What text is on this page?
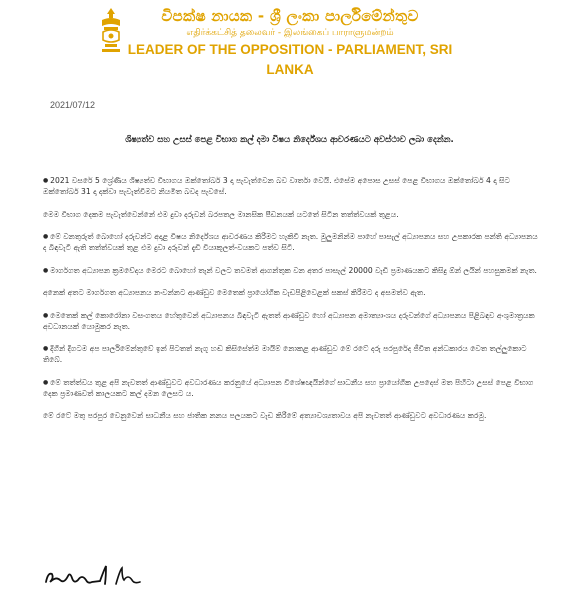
විපක්ෂ නායක - ශ්‍රී ලංකා පාර්ලිමේන්තුව
எதிர்க்கட்சித் தலைவர் - இலங்கைப் பாராளுமன்றம்
LEADER OF THE OPPOSITION - PARLIAMENT, SRI LANKA
2021/07/12
ශිෂ්‍යත්ව සහ උසස් පෙළ විභාග කල් දමා විෂය නිර්දේශය ආවරණයට අවස්ථාව ලබා දෙන්න.

● 2021 වසරේ 5 ශ්‍රේණිය ශිෂ්‍යත්ව විභාගය ඔක්තෝබර් 3 දා පැවැත්වෙන බව වාර්තා වෙයි. එසේම අපොස උසස් පෙළ විභාගය ඔක්තෝබර් 4 දා සිට ඔක්තෝබර් 31 දා දක්වා පැවැත්වීමට නියමිත බවද පැවසේ.

මෙම විභාග දෙකම පැවැත්වෙන්නේ එම දුවා දරුවන් බරපතල මානසික පීඩනයක් යටතේ සිටින තත්ත්වයක් තුළය.

● මේ වනතුරුත් බොහෝ දරුවන්ට අදාළ විෂය නිර්දේශය ආවරණය කිරීමට හැකිවී නැත. මුලුමනින්ම පාහේ පාසැල් අධ්‍යාපනය සහ උපකාරක පන්ති අධ්‍යාපනය ද බිඳවැටී ඇති තත්ත්වයක් තුළ එම දුවා දරුවන් දැඩි වියාකූලත්-වයකට පත්ව සිටී.

● මාර්ගගත අධ්‍යාපන ක්‍රමවේදය මෙරට බොහෝ තැන් වලට තවමත් ආගන්තුක වන අතර පාසැල් 20000 වැඩි ප්‍රමාණයකට කිසිදු ඕන් ලයින් පහසුකමක් නැත.

අනෙක් අතට මාර්ගගත අධ්‍යාපනය නංවන්නට ආණ්ඩුව මෙතෙක් ප්‍රායෝගික වැඩපිළිවෙළක් සකස් කිරීමට ද අසමත්ව ඇත.

● මෙතෙක් කල් කොරෝනා වසංගතය හේතුවෙන් අධ්‍යාපනය බිඳවැටී ඇතත් ආණ්ඩුව හෝ අධ්‍යාපන අමාත්‍යාංශය දරුවන්ගේ අධ්‍යාපනය පිළිබඳව අංශුමාත්‍රයක අවධානයක් යොමුකර නැත.

● දිගින් දිගටම අප පාර්ලිමේන්තුවේ ඉන් පිටතත් නැගූ හඬ කිසිසේත්ම මායිම් නොකළ ආණ්ඩුව මේ රටේ දරු පරපුරේද ජීවිත අන්ධකාරය වෙත තල්ලුකොට තිබේ.

● මේ තත්ත්වය තුළ අපි නැවතත් ආණ්ඩුවට අවධාරණය කරනුයේ අධ්‍යාපන විශේෂඥයින්ගේ සාධනීය සහ ප්‍රායෝගික උපදෙස් මත පිහිටා උසස් පෙළ විභාග දෙක ප්‍රමාණවත් කාලයකට කල් දමන ලෙසට ය.

මේ රටේ මතු පරපුර වෙනුවෙන් සාධනීය සහ ජාතික නනය පලයකට වැඩ කිරීමේ අත්‍යාවශ්‍යතාවය අපි නැවතත් ආණ්ඩුවට අවධාරණය කරමු.
